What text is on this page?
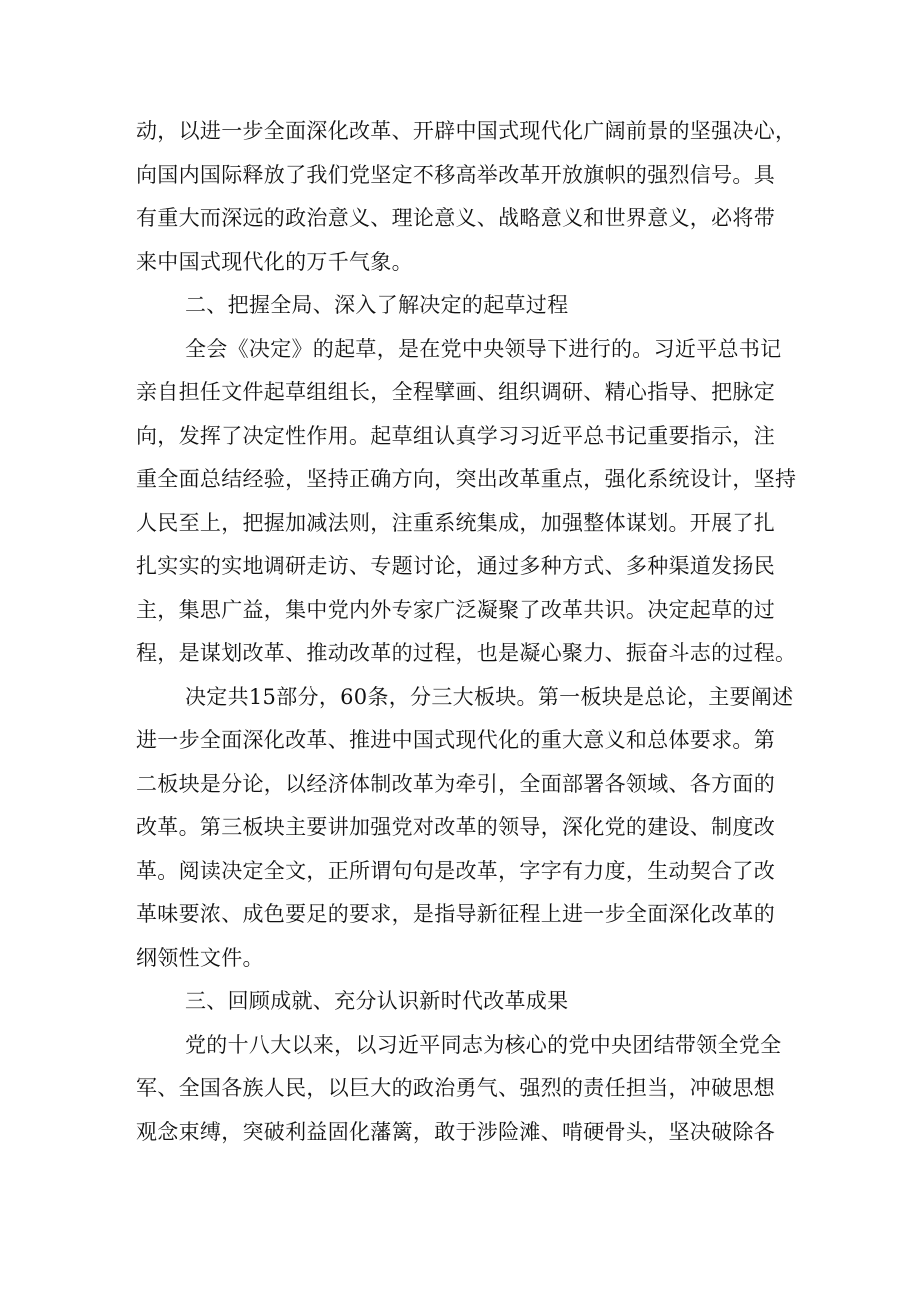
动，以进一步全面深化改革、开辟中国式现代化广阔前景的坚强决心，
向国内国际释放了我们党坚定不移高举改革开放旗帜的强烈信号。具
有重大而深远的政治意义、理论意义、战略意义和世界意义，必将带
来中国式现代化的万千气象。
二、把握全局、深入了解决定的起草过程
全会《决定》的起草，是在党中央领导下进行的。习近平总书记
亲自担任文件起草组组长，全程擘画、组织调研、精心指导、把脉定
向，发挥了决定性作用。起草组认真学习习近平总书记重要指示，注
重全面总结经验，坚持正确方向，突出改革重点，强化系统设计，坚持
人民至上，把握加减法则，注重系统集成，加强整体谋划。开展了扎
扎实实的实地调研走访、专题讨论，通过多种方式、多种渠道发扬民
主，集思广益，集中党内外专家广泛凝聚了改革共识。决定起草的过
程，是谋划改革、推动改革的过程，也是凝心聚力、振奋斗志的过程。
决定共15部分，60条，分三大板块。第一板块是总论，主要阐述
进一步全面深化改革、推进中国式现代化的重大意义和总体要求。第
二板块是分论，以经济体制改革为牵引，全面部署各领域、各方面的
改革。第三板块主要讲加强党对改革的领导，深化党的建设、制度改
革。阅读决定全文，正所谓句句是改革，字字有力度，生动契合了改
革味要浓、成色要足的要求，是指导新征程上进一步全面深化改革的
纲领性文件。
三、回顾成就、充分认识新时代改革成果
党的十八大以来，以习近平同志为核心的党中央团结带领全党全
军、全国各族人民，以巨大的政治勇气、强烈的责任担当，冲破思想
观念束缚，突破利益固化藩篱，敢于涉险滩、啃硬骨头，坚决破除各
